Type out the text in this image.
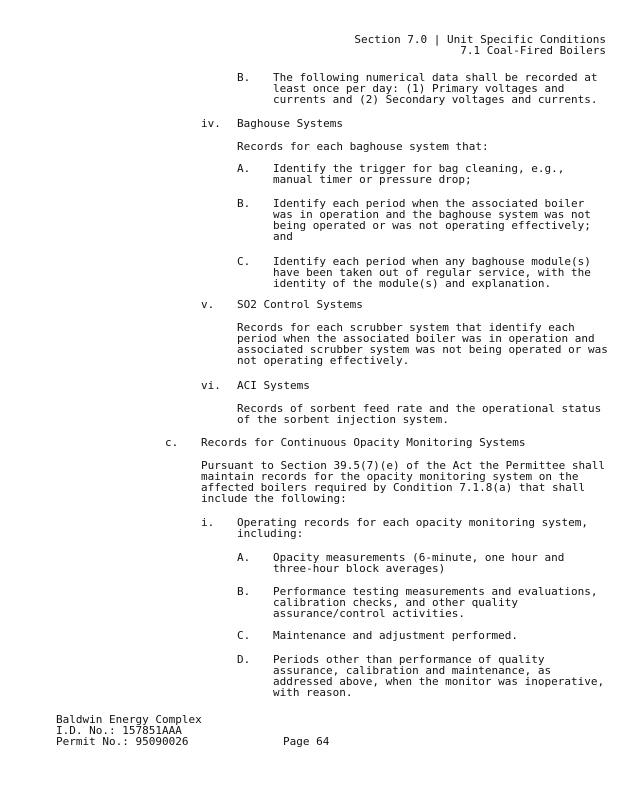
Section 7.0 | Unit Specific Conditions
7.1 Coal-Fired Boilers
B. The following numerical data shall be recorded at
least once per day: (1) Primary voltages and
currents and (2) Secondary voltages and currents.
iv. Baghouse Systems
Records for each baghouse system that:
A. Identify the trigger for bag cleaning, e.g.,
manual timer or pressure drop;
B. Identify each period when the associated boiler
was in operation and the baghouse system was not
being operated or was not operating effectively;
and
C. Identify each period when any baghouse module(s)
have been taken out of regular service, with the
identity of the module(s) and explanation.
v. SO2 Control Systems
Records for each scrubber system that identify each
period when the associated boiler was in operation and
associated scrubber system was not being operated or was
not operating effectively.
vi. ACI Systems
Records of sorbent feed rate and the operational status
of the sorbent injection system.
c. Records for Continuous Opacity Monitoring Systems
Pursuant to Section 39.5(7)(e) of the Act the Permittee shall
maintain records for the opacity monitoring system on the
affected boilers required by Condition 7.1.8(a) that shall
include the following:
i. Operating records for each opacity monitoring system,
including:
A. Opacity measurements (6-minute, one hour and
three-hour block averages)
B. Performance testing measurements and evaluations,
calibration checks, and other quality
assurance/control activities.
C. Maintenance and adjustment performed.
D. Periods other than performance of quality
assurance, calibration and maintenance, as
addressed above, when the monitor was inoperative,
with reason.
Baldwin Energy Complex
I.D. No.: 157851AAA
Permit No.: 95090026	Page 64
